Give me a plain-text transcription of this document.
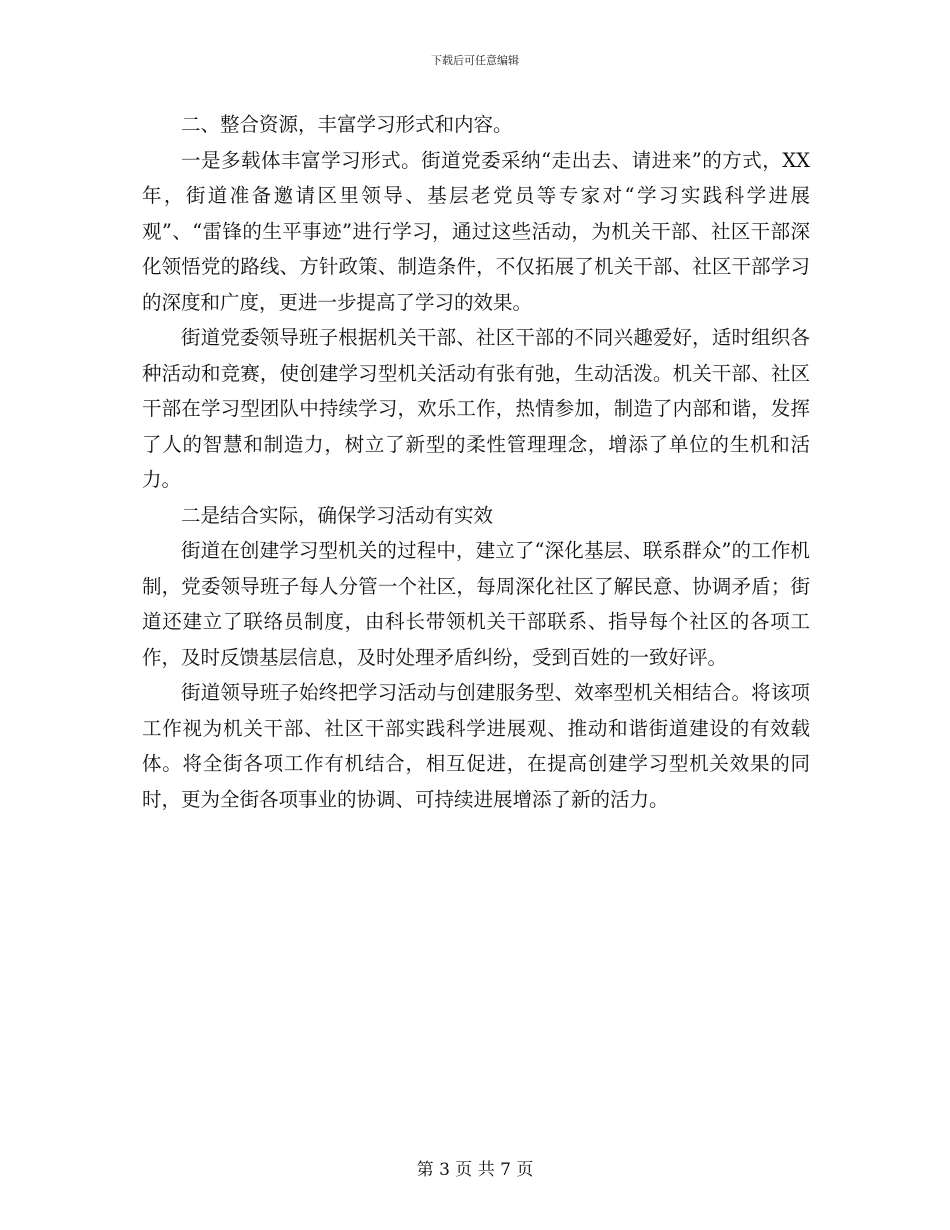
下载后可任意编辑

二、整合资源，丰富学习形式和内容。

一是多载体丰富学习形式。街道党委采纳“走出去、请进来”的方式，XX年，街道准备邀请区里领导、基层老党员等专家对“学习实践科学进展观”、“雷锋的生平事迹”进行学习，通过这些活动，为机关干部、社区干部深化领悟党的路线、方针政策、制造条件，不仅拓展了机关干部、社区干部学习的深度和广度，更进一步提高了学习的效果。

街道党委领导班子根据机关干部、社区干部的不同兴趣爱好，适时组织各种活动和竞赛，使创建学习型机关活动有张有弛，生动活泼。机关干部、社区干部在学习型团队中持续学习，欢乐工作，热情参加，制造了内部和谐，发挥了人的智慧和制造力，树立了新型的柔性管理理念，增添了单位的生机和活力。

二是结合实际，确保学习活动有实效

街道在创建学习型机关的过程中，建立了“深化基层、联系群众”的工作机制，党委领导班子每人分管一个社区，每周深化社区了解民意、协调矛盾；街道还建立了联络员制度，由科长带领机关干部联系、指导每个社区的各项工作，及时反馈基层信息，及时处理矛盾纠纷，受到百姓的一致好评。

街道领导班子始终把学习活动与创建服务型、效率型机关相结合。将该项工作视为机关干部、社区干部实践科学进展观、推动和谐街道建设的有效载体。将全街各项工作有机结合，相互促进，在提高创建学习型机关效果的同时，更为全街各项事业的协调、可持续进展增添了新的活力。

第 3 页 共 7 页
